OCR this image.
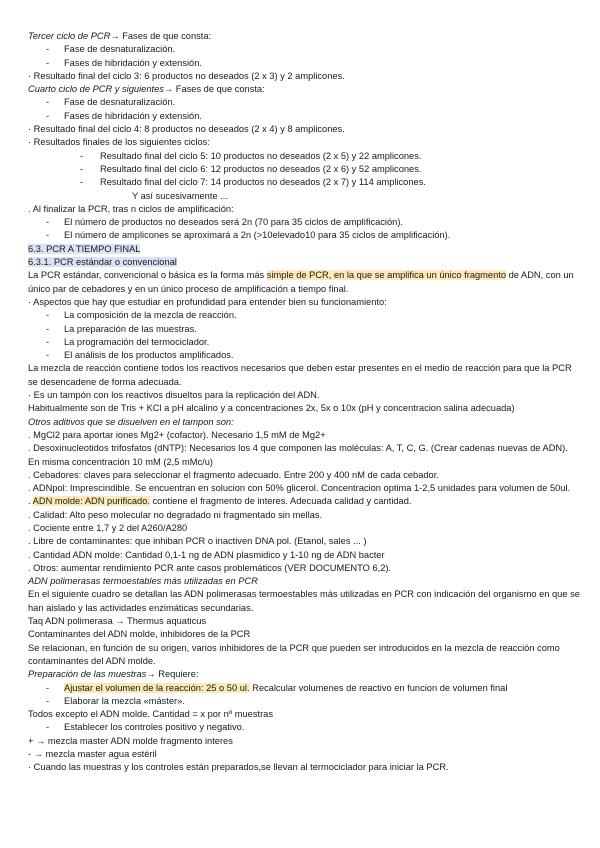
Tercer ciclo de PCR→ Fases de que consta:
- Fase de desnaturalización.
- Fases de hibridación y extensión.
· Resultado final del ciclo 3: 6 productos no deseados (2 x 3) y 2 amplicones.
Cuarto ciclo de PCR y siguientes→ Fases de que consta:
- Fase de desnaturalización.
- Fases de hibridación y extensión.
· Resultado final del ciclo 4: 8 productos no deseados (2 x 4) y 8 amplicones.
· Resultados finales de los siguientes ciclos:
- Resultado final del ciclo 5: 10 productos no deseados (2 x 5) y 22 amplicones.
- Resultado final del ciclo 6: 12 productos no deseados (2 x 6) y 52 amplicones.
- Resultado final del ciclo 7: 14 productos no deseados (2 x 7) y 114 amplicones.
Y así sucesivamente ...
. Al finalizar la PCR, tras n ciclos de amplificación:
- El número de productos no deseados será 2n (70 para 35 ciclos de amplificación).
- El número de amplicones se aproximará a 2n (>10elevado10 para 35 ciclos de amplificación).
6.3. PCR A TIEMPO FINAL
6.3.1. PCR estándar o convencional
La PCR estándar, convencional o básica es la forma más simple de PCR, en la que se amplifica un único fragmento de ADN, con un único par de cebadores y en un único proceso de amplificación a tiempo final.
· Aspectos que hay que estudiar en profundidad para entender bien su funcionamiento:
- La composición de la mezcla de reacción.
- La preparación de las muestras.
- La programación del termociclador.
- El análisis de los productos amplificados.
La mezcla de reacción contiene todos los reactivos necesarios que deben estar presentes en el medio de reacción para que la PCR se desencadene de forma adecuada.
· Es un tampón con los reactivos disueltos para la replicación del ADN.
Habitualmente son de Tris + KCl a pH alcalino y a concentraciones 2x, 5x o 10x (pH y concentracion salina adecuada)
Otros aditivos que se disuelven en el tampon son:
. MgCl2 para aportar iones Mg2+ (cofactor). Necesario 1,5 mM de Mg2+
. Desoxinucleotidos trifosfatos (dNTP): Necesarios los 4 que componen las moléculas: A, T, C, G. (Crear cadenas nuevas de ADN). En misma concentración 10 mM (2,5 mMc/u)
. Cebadores: claves para seleccionar el fragmento adecuado. Entre 200 y 400 nM de cada cebador.
. ADNpol: Imprescindible. Se encuentran en solucion con 50% glicerol. Concentracion optima 1-2,5 unidades para volumen de 50ul.
. ADN molde: ADN purificado. contiene el fragmento de interes. Adecuada calidad y cantidad.
. Calidad: Alto peso molecular no degradado ni fragmentado sin mellas.
. Cociente entre 1,7 y 2 del A260/A280
. Libre de contaminantes: que inhiban PCR o inactiven DNA pol. (Etanol, sales ... )
. Cantidad ADN molde: Cantidad 0,1-1 ng de ADN plasmidico y 1-10 ng de ADN bacter
. Otros: aumentar rendimiento PCR ante casos problemáticos (VER DOCUMENTO 6,2).
ADN polimerasas termoestables más utilizadas en PCR
En el siguiente cuadro se detallan las ADN polimerasas termoestables más utilizadas en PCR con indicación del organismo en que se han aislado y las actividades enzimáticas secundarias.
Taq ADN polimerasa → Thermus aquaticus
Contaminantes del ADN molde, inhibidores de la PCR
Se relacionan, en función de su origen, varios inhibidores de la PCR que pueden ser introducidos en la mezcla de reacción como contaminantes del ADN molde.
Preparación de las muestras→ Requiere:
- Ajustar el volumen de la reacción: 25 o 50 ul. Recalcular volumenes de reactivo en funcion de volumen final
- Elaborar la mezcla «máster».
Todos excepto el ADN molde. Cantidad = x por nº muestras
- Establecer los controles positivo y negativo.
+ → mezcla master ADN molde fragmento interes
- → mezcla master agua estéril
· Cuando las muestras y los controles están preparados,se llevan al termociclador para iniciar la PCR.
